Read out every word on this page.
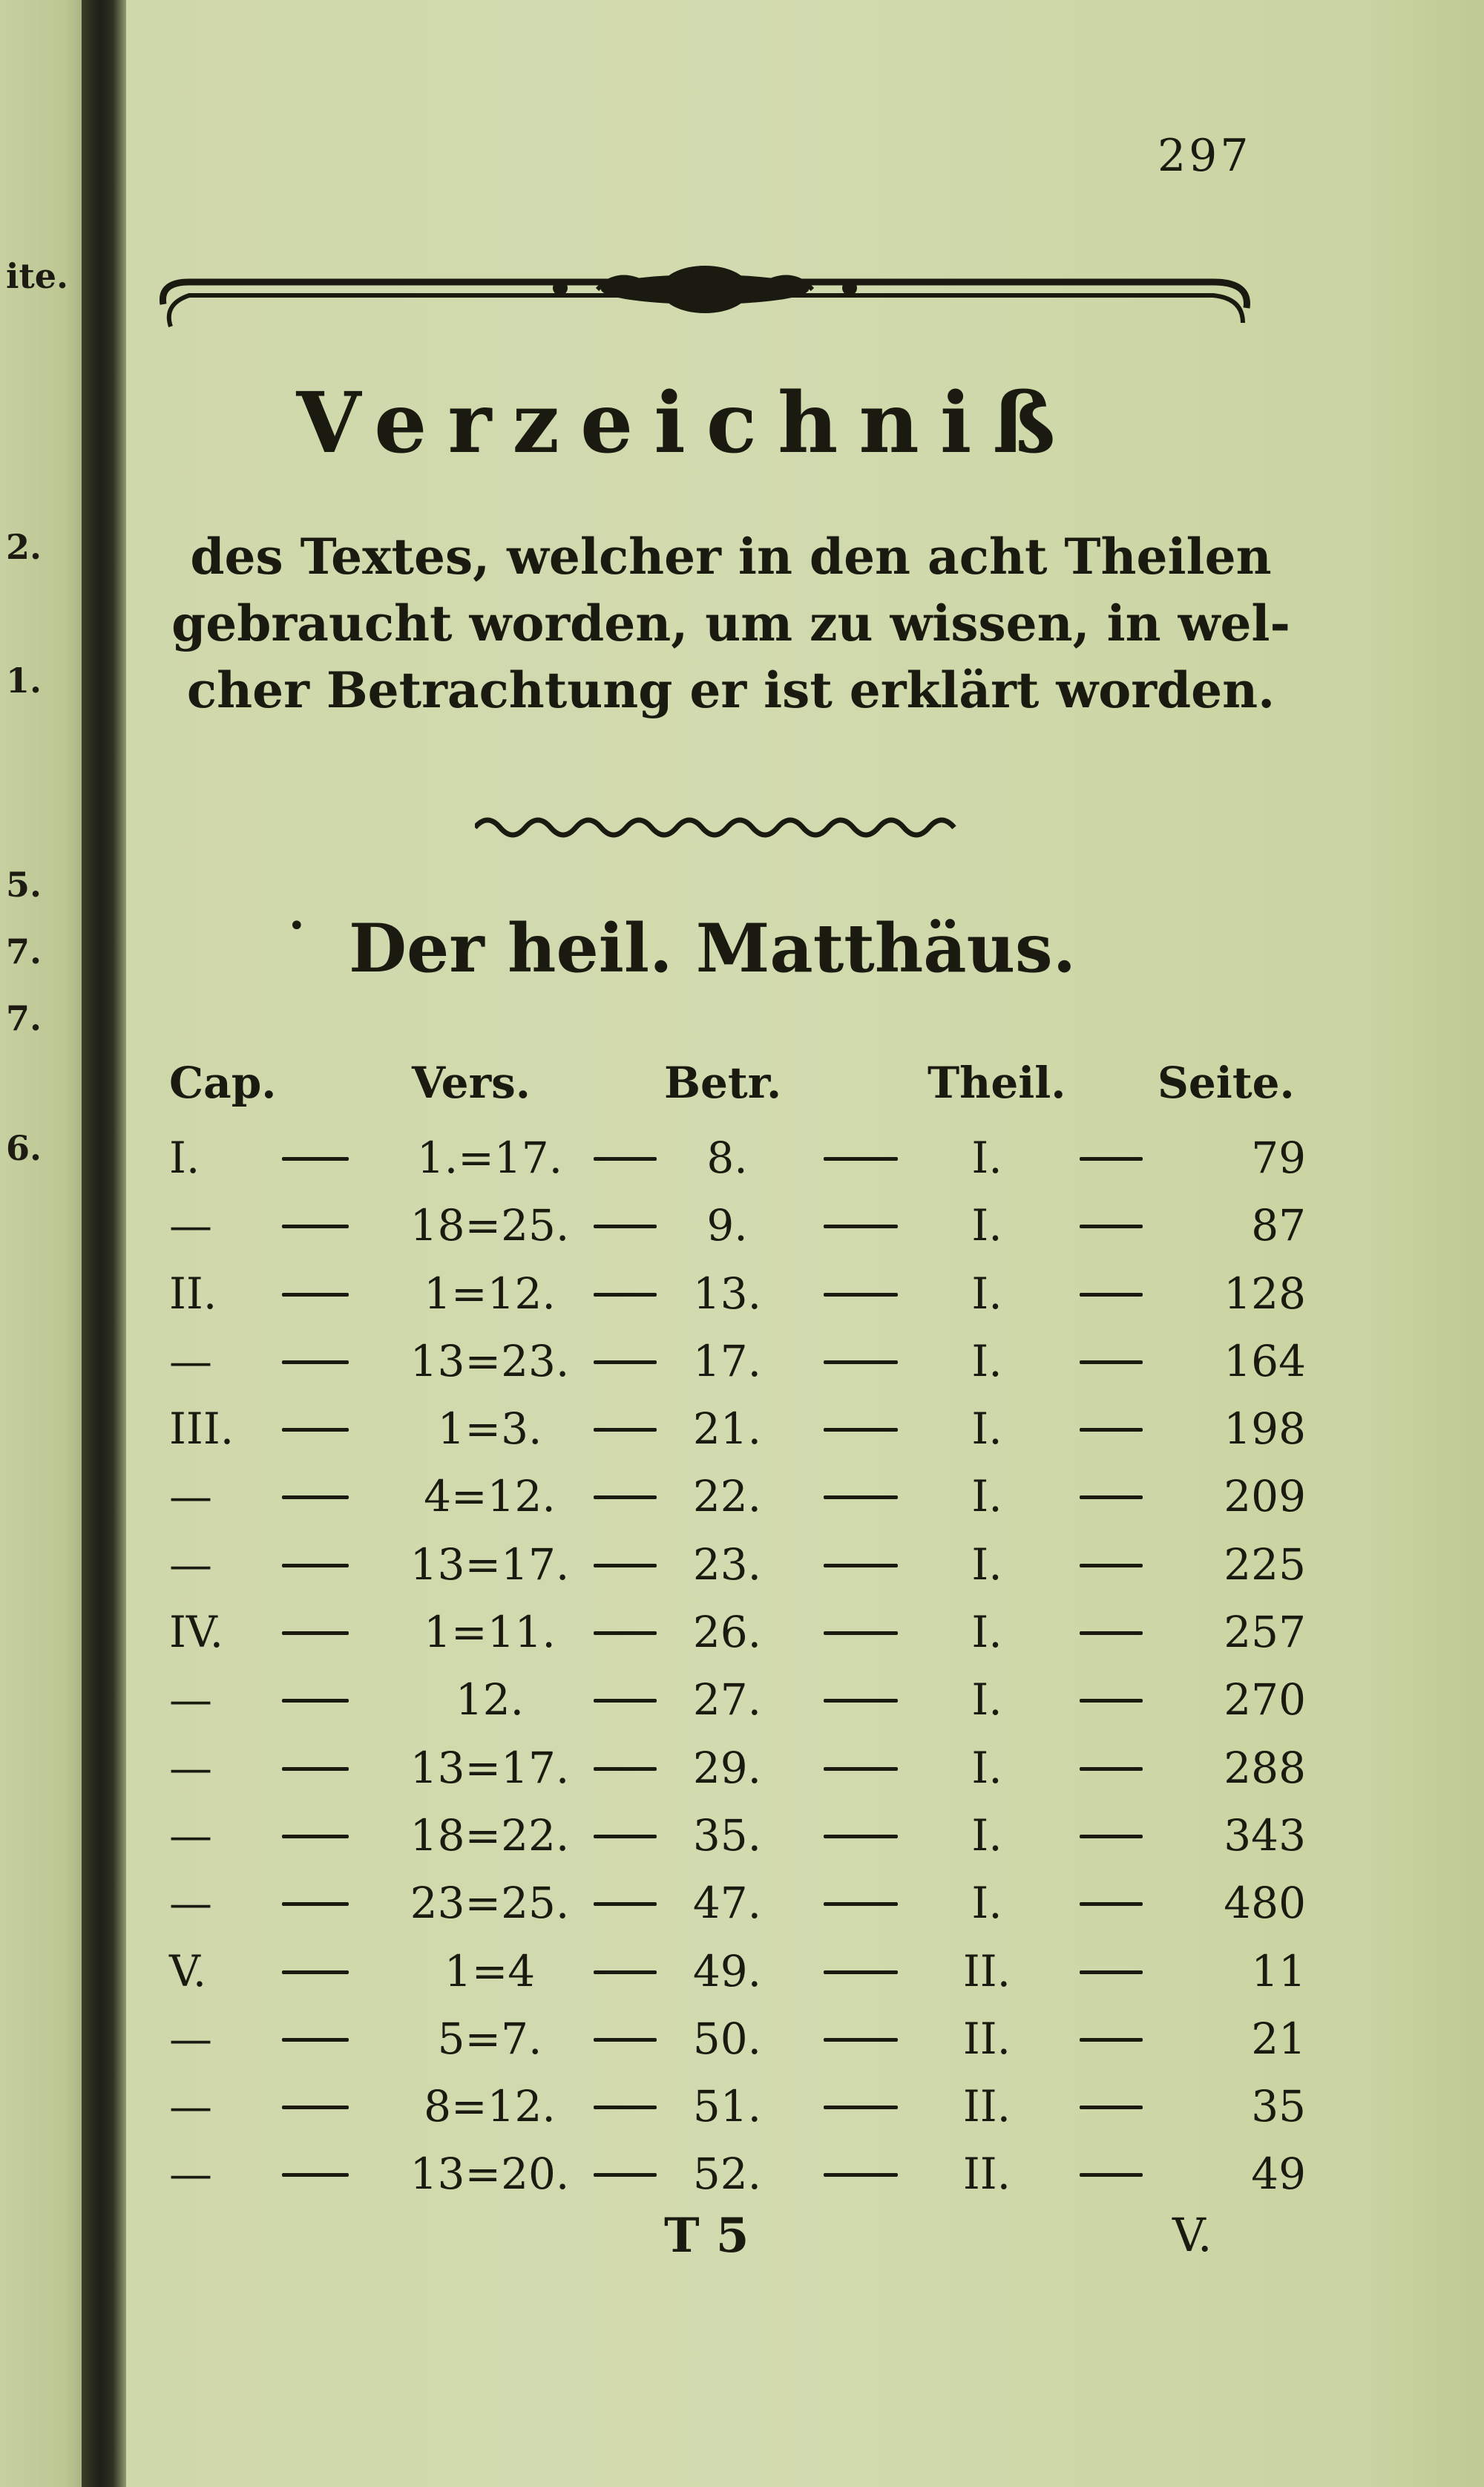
ite.
2.
1.
5.
7.
7.
6.
297
Verzeichniß
des Textes, welcher in den acht Theilen
gebraucht worden, um zu wissen, in wel-
cher Betrachtung er ist erklärt worden.
• Der heil. Matthäus.
Cap.	Vers.	Betr.	Theil. Seite.
I.	1.=17.	8.	I.	79
—	18=25.	9.	I.	87
II.	1=12.	13.	I.	128
—	13=23.	17.	I.	164
III.	1=3.	21.	I.	198
—	4=12.	22.	I.	209
—	13=17.	23.	I.	225
IV.	1=11.	26.	I.	257
—	12.	27.	I.	270
—	13=17.	29.	I.	288
—	18=22.	35.	I.	343
—	23=25.	47.	I.	480
V.	1=4	49.	II.	11
—	5=7.	50.	II.	21
—	8=12.	51.	II.	35
—	13=20.	52.	II.	49
T 5	V.
